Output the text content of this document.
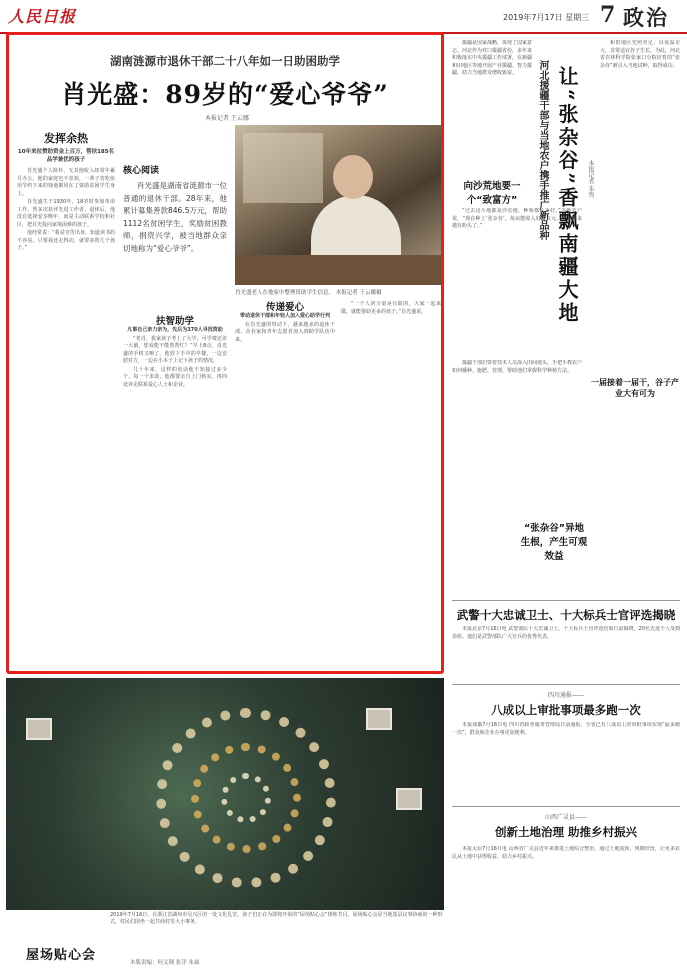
人民日报	2019年7月17日 星期三 7 政治
湖南涟源市退休干部二十八年如一日助困助学
肖光盛：89岁的“爱心爷爷”
本报记者 王云娜
发挥余热
10年来拉赞助资金上百万，帮扶185名品学兼优的孩子

肖光盛个人简朴，无其他收入却常年累月办公，他的家庭也不宽裕，一辈子省吃俭用节约下来的钱他都用在了资助贫困学生身上。

肖光盛生于1930年，18岁时参加革命工作，曾多次获评先进工作者。退休后，他没有选择安享晚年，而是主动联系学校和社区，把目光投向家境困难的孩子。

他经常说：“我是穷苦出身，知道读书的不容易。只要我还走得动，就要多帮几个孩子。”

核心阅读
肖光盛是湖南省涟源市一位普通的退休干部。28年来，他累计募集善款846.5万元，帮助1112名贫困学生，奖励贫困教师，捐资兴学，被当地群众亲切地称为“爱心爷爷”。
肖光盛老人在他家中整理资助学生信息。 本报记者 王云娜摄
扶智助学
凡事自己亲力亲为，先后为370人寻找资助

“老肖，我家孩子考上了大学，可学费还差一大截，您看能不能帮帮忙？”早上8点，肖光盛的手机又响了。他放下手中的早餐，一边安慰对方，一边在小本子上记下孩子的情况。

几十年来，这样的电话他不知接过多少个。每一个求助，他都要亲自上门核实，再四处奔走联系爱心人士和企业。

传递爱心
带动退休干部和年轻人加入爱心助学行列

在肖光盛的带动下，越来越多的退休干部、企业家和青年志愿者加入到助学队伍中来。

“一个人的力量是有限的，大家一起来做，就能帮助更多的孩子。”肖光盛说。

2019年7月16日，在浙江省湖州市吴兴区的一处文化礼堂，孩子们正在为即将开始的“屋场贴心会”排练节目。屋场贴心会是当地基层议事协商的一种形式，村民们围坐一起共商村里大小事务。
屋场贴心会	本版责编：何义钢 张洋 朱焱
河北援疆干部与当地农户携手推广新品种 让“张杂谷”香飘南疆大地 本报记者 朱隽

援疆是国家战略，体现了国家意志。河北作为对口援疆省份，多年来积极落实中央援疆工作部署，在新疆和田地区等地开展产业援疆、智力援疆，助力当地群众增收致富。

和田地区光照充足、昼夜温差大，非常适宜谷子生长。为此，河北省农林科学院张家口分院培育的“张杂谷”被引入当地试种，取得成功。

向沙荒地要一个“致富方”

“过去这片地都是沙荒地，种啥都长不好。”当地农户说，“现在种上‘张杂谷’，每亩能收入好几百元，日子越来越有盼头了。”

“张杂谷”异地生根，产生可观效益

援疆干部们带着技术人员深入田间地头，手把手教农户如何播种、施肥、管理，帮助他们掌握科学种植方法。

一届接着一届干，谷子产业大有可为
武警十大忠诚卫士、十大标兵士官评选揭晓

本报北京7月16日电 武警部队十大忠诚卫士、十大标兵士官评选结果日前揭晓，20名先进个人受到表彰。他们是武警部队广大官兵的优秀代表。

四川通报——
八成以上审批事项最多跑一次

本报成都7月16日电 四川省政务服务管理局日前通报，全省已有八成以上的审批事项实现“最多跑一次”，群众和企业办事更加便利。

山西广灵县——
创新土地治理 助推乡村振兴

本报太原7月16日电 山西省广灵县近年来推进土地综合整治，通过土地流转、规模经营，让更多农民从土地中获得收益，助力乡村振兴。
